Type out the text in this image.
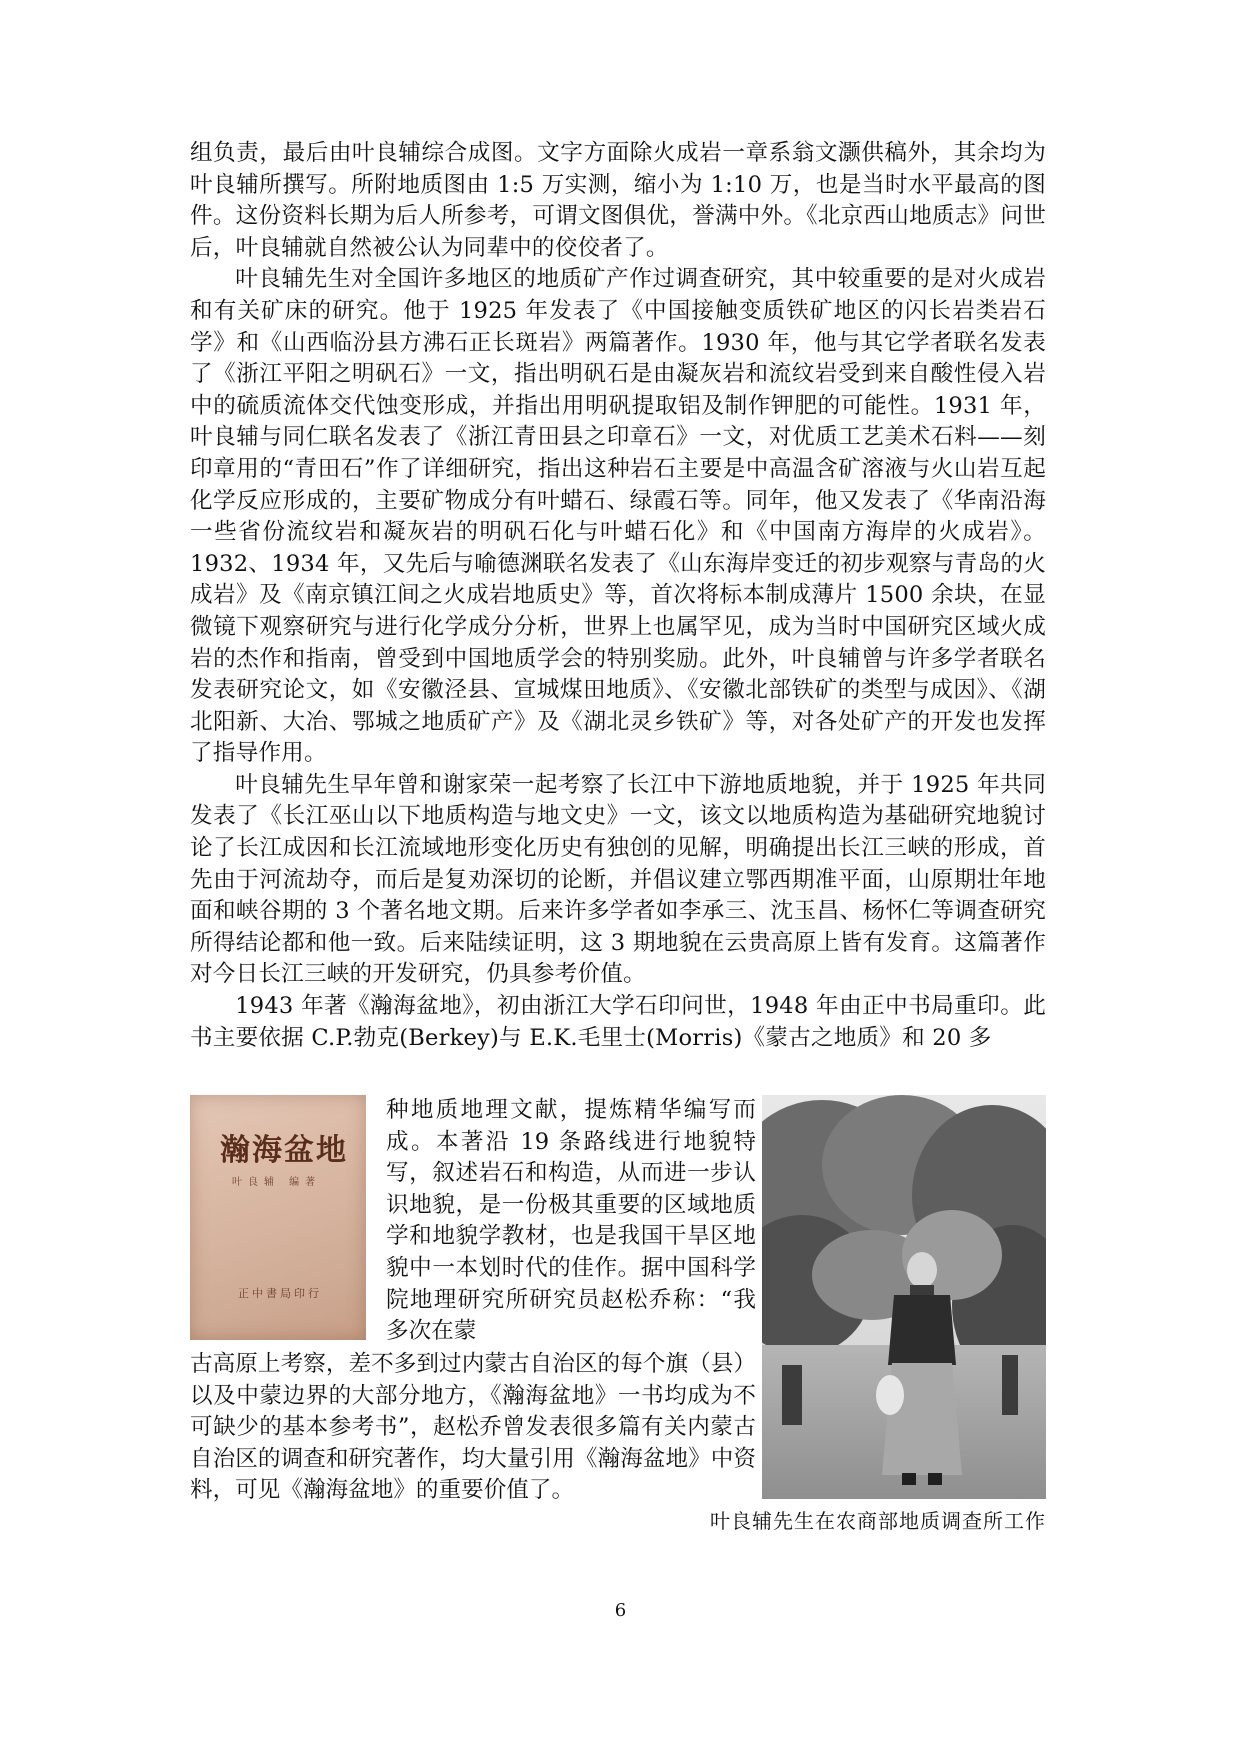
组负责，最后由叶良辅综合成图。文字方面除火成岩一章系翁文灏供稿外，其余均为叶良辅所撰写。所附地质图由 1:5 万实测，缩小为 1:10 万，也是当时水平最高的图件。这份资料长期为后人所参考，可谓文图俱优，誉满中外。《北京西山地质志》问世后，叶良辅就自然被公认为同辈中的佼佼者了。

叶良辅先生对全国许多地区的地质矿产作过调查研究，其中较重要的是对火成岩和有关矿床的研究。他于 1925 年发表了《中国接触变质铁矿地区的闪长岩类岩石学》和《山西临汾县方沸石正长斑岩》两篇著作。1930 年，他与其它学者联名发表了《浙江平阳之明矾石》一文，指出明矾石是由凝灰岩和流纹岩受到来自酸性侵入岩中的硫质流体交代蚀变形成，并指出用明矾提取铝及制作钾肥的可能性。1931 年，叶良辅与同仁联名发表了《浙江青田县之印章石》一文，对优质工艺美术石料——刻印章用的“青田石”作了详细研究，指出这种岩石主要是中高温含矿溶液与火山岩互起化学反应形成的，主要矿物成分有叶蜡石、绿霞石等。同年，他又发表了《华南沿海一些省份流纹岩和凝灰岩的明矾石化与叶蜡石化》和《中国南方海岸的火成岩》。1932、1934 年，又先后与喻德渊联名发表了《山东海岸变迁的初步观察与青岛的火成岩》及《南京镇江间之火成岩地质史》等，首次将标本制成薄片 1500 余块，在显微镜下观察研究与进行化学成分分析，世界上也属罕见，成为当时中国研究区域火成岩的杰作和指南，曾受到中国地质学会的特别奖励。此外，叶良辅曾与许多学者联名发表研究论文，如《安徽泾县、宣城煤田地质》、《安徽北部铁矿的类型与成因》、《湖北阳新、大冶、鄂城之地质矿产》及《湖北灵乡铁矿》等，对各处矿产的开发也发挥了指导作用。

叶良辅先生早年曾和谢家荣一起考察了长江中下游地质地貌，并于 1925 年共同发表了《长江巫山以下地质构造与地文史》一文，该文以地质构造为基础研究地貌讨论了长江成因和长江流域地形变化历史有独创的见解，明确提出长江三峡的形成，首先由于河流劫夺，而后是复劝深切的论断，并倡议建立鄂西期准平面，山原期壮年地面和峡谷期的 3 个著名地文期。后来许多学者如李承三、沈玉昌、杨怀仁等调查研究所得结论都和他一致。后来陆续证明，这 3 期地貌在云贵高原上皆有发育。这篇著作对今日长江三峡的开发研究，仍具参考价值。

1943 年著《瀚海盆地》，初由浙江大学石印问世，1948 年由正中书局重印。此书主要依据 C.P.勃克(Berkey)与 E.K.毛里士(Morris)《蒙古之地质》和 20 多

瀚海盆地
叶良辅 编著
正中書局印行
种地质地理文献，提炼精华编写而成。本著沿 19 条路线进行地貌特写，叙述岩石和构造，从而进一步认识地貌，是一份极其重要的区域地质学和地貌学教材，也是我国干旱区地貌中一本划时代的佳作。据中国科学院地理研究所研究员赵松乔称：“我多次在蒙
古高原上考察，差不多到过内蒙古自治区的每个旗（县）以及中蒙边界的大部分地方，《瀚海盆地》一书均成为不可缺少的基本参考书”，赵松乔曾发表很多篇有关内蒙古自治区的调查和研究著作，均大量引用《瀚海盆地》中资料，可见《瀚海盆地》的重要价值了。
叶良辅先生在农商部地质调查所工作
6
